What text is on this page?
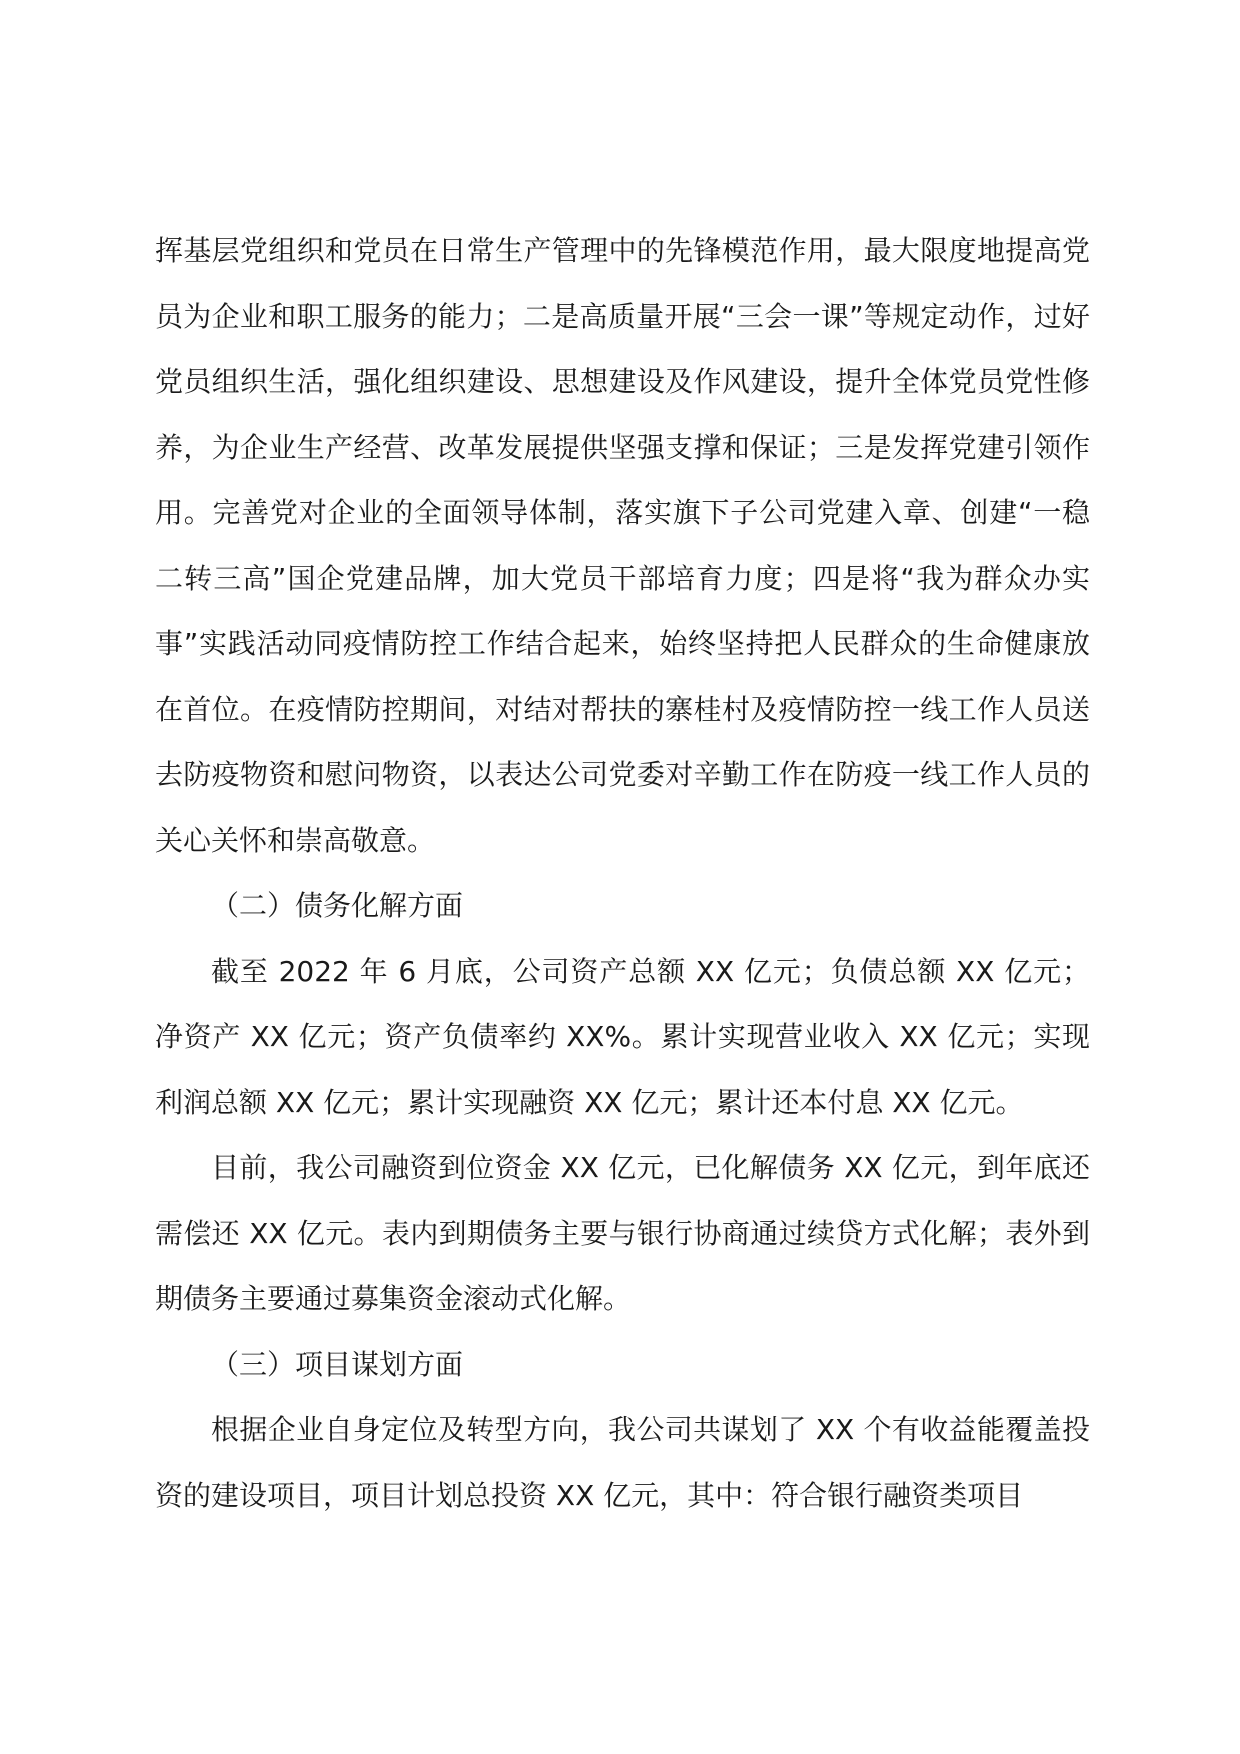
挥基层党组织和党员在日常生产管理中的先锋模范作用，最大限度地提高党员为企业和职工服务的能力；二是高质量开展“三会一课”等规定动作，过好党员组织生活，强化组织建设、思想建设及作风建设，提升全体党员党性修养，为企业生产经营、改革发展提供坚强支撑和保证；三是发挥党建引领作用。完善党对企业的全面领导体制，落实旗下子公司党建入章、创建“一稳二转三高”国企党建品牌，加大党员干部培育力度；四是将“我为群众办实事”实践活动同疫情防控工作结合起来，始终坚持把人民群众的生命健康放在首位。在疫情防控期间，对结对帮扶的寨桂村及疫情防控一线工作人员送去防疫物资和慰问物资，以表达公司党委对辛勤工作在防疫一线工作人员的关心关怀和崇高敬意。

（二）债务化解方面

截至 2022 年 6 月底，公司资产总额 XX 亿元；负债总额 XX 亿元；净资产 XX 亿元；资产负债率约 XX%。累计实现营业收入 XX 亿元；实现利润总额 XX 亿元；累计实现融资 XX 亿元；累计还本付息 XX 亿元。

目前，我公司融资到位资金 XX 亿元，已化解债务 XX 亿元，到年底还需偿还 XX 亿元。表内到期债务主要与银行协商通过续贷方式化解；表外到期债务主要通过募集资金滚动式化解。

（三）项目谋划方面

根据企业自身定位及转型方向，我公司共谋划了 XX 个有收益能覆盖投资的建设项目，项目计划总投资 XX 亿元，其中：符合银行融资类项目
